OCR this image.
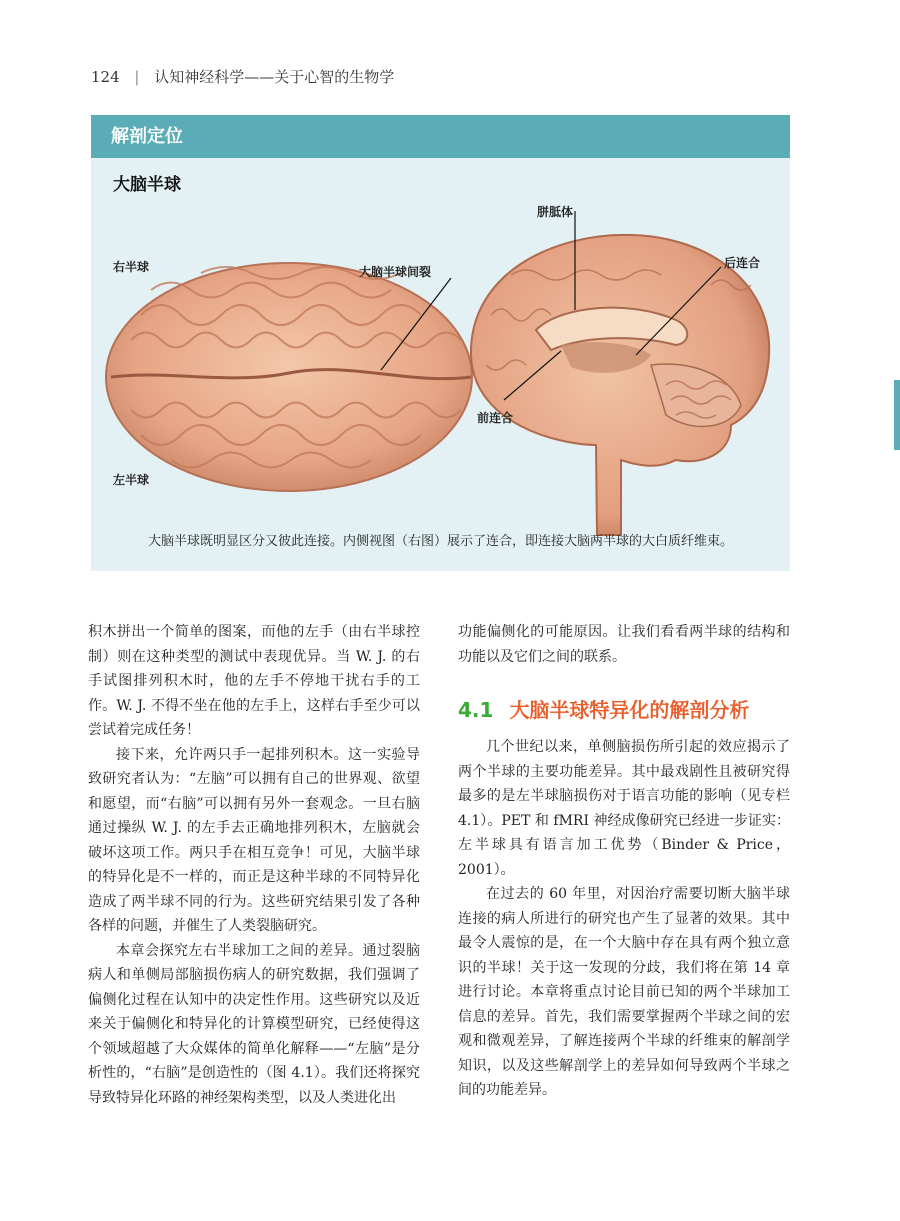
124 | 认知神经科学——关于心智的生物学
解剖定位
大脑半球
右半球
左半球
大脑半球间裂
胼胝体
后连合
前连合
大脑半球既明显区分又彼此连接。内侧视图（右图）展示了连合，即连接大脑两半球的大白质纤维束。

积木拼出一个简单的图案，而他的左手（由右半球控制）则在这种类型的测试中表现优异。当 W. J. 的右手试图排列积木时，他的左手不停地干扰右手的工作。W. J. 不得不坐在他的左手上，这样右手至少可以尝试着完成任务！

接下来，允许两只手一起排列积木。这一实验导致研究者认为：“左脑”可以拥有自己的世界观、欲望和愿望，而“右脑”可以拥有另外一套观念。一旦右脑通过操纵 W. J. 的左手去正确地排列积木，左脑就会破坏这项工作。两只手在相互竞争！可见，大脑半球的特异化是不一样的，而正是这种半球的不同特异化造成了两半球不同的行为。这些研究结果引发了各种各样的问题，并催生了人类裂脑研究。

本章会探究左右半球加工之间的差异。通过裂脑病人和单侧局部脑损伤病人的研究数据，我们强调了偏侧化过程在认知中的决定性作用。这些研究以及近来关于偏侧化和特异化的计算模型研究，已经使得这个领域超越了大众媒体的简单化解释——“左脑”是分析性的，“右脑”是创造性的（图 4.1）。我们还将探究导致特异化环路的神经架构类型，以及人类进化出

功能偏侧化的可能原因。让我们看看两半球的结构和功能以及它们之间的联系。

4.1 大脑半球特异化的解剖分析

几个世纪以来，单侧脑损伤所引起的效应揭示了两个半球的主要功能差异。其中最戏剧性且被研究得最多的是左半球脑损伤对于语言功能的影响（见专栏 4.1）。PET 和 fMRI 神经成像研究已经进一步证实：左半球具有语言加工优势（Binder & Price，2001）。

在过去的 60 年里，对因治疗需要切断大脑半球连接的病人所进行的研究也产生了显著的效果。其中最令人震惊的是，在一个大脑中存在具有两个独立意识的半球！关于这一发现的分歧，我们将在第 14 章进行讨论。本章将重点讨论目前已知的两个半球加工信息的差异。首先，我们需要掌握两个半球之间的宏观和微观差异，了解连接两个半球的纤维束的解剖学知识，以及这些解剖学上的差异如何导致两个半球之间的功能差异。
